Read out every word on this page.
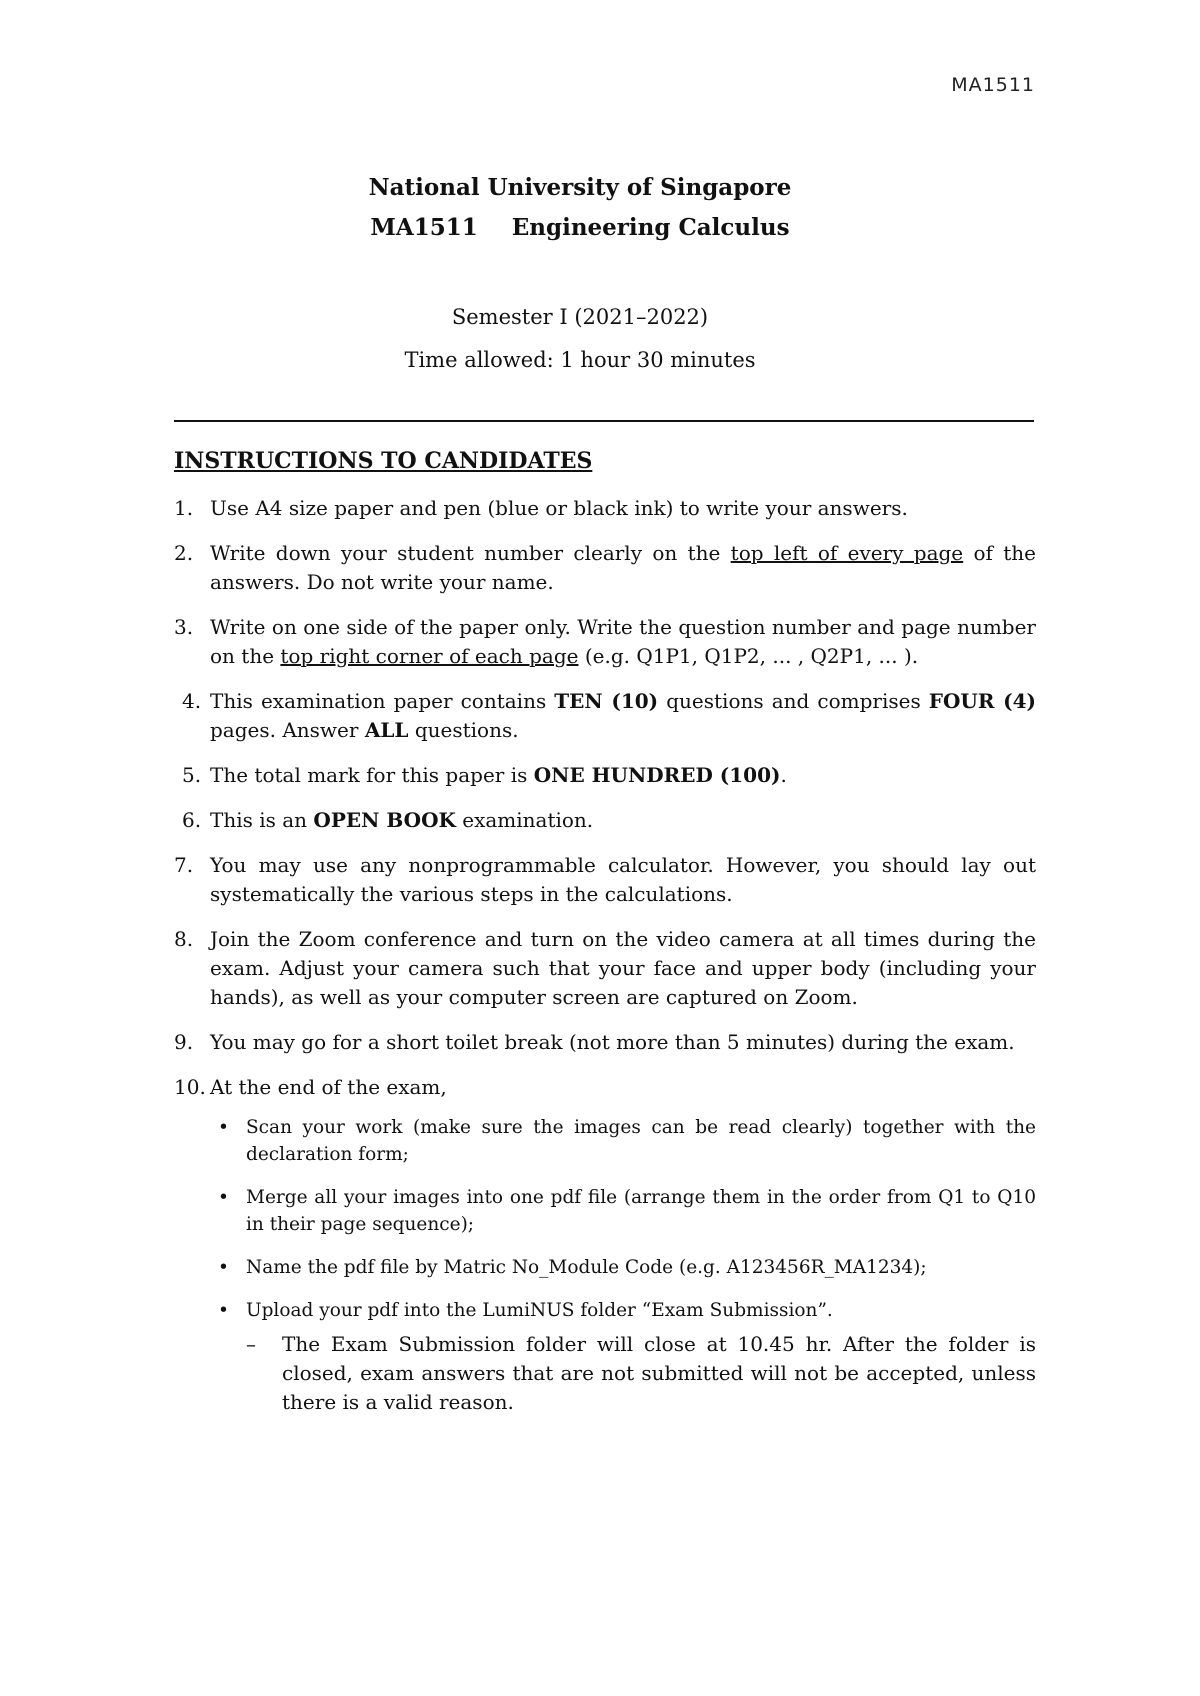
MA1511
National University of Singapore
MA1511 Engineering Calculus
Semester I (2021–2022)
Time allowed: 1 hour 30 minutes
INSTRUCTIONS TO CANDIDATES
1. Use A4 size paper and pen (blue or black ink) to write your answers.
2. Write down your student number clearly on the top left of every page of the answers. Do not write your name.
3. Write on one side of the paper only. Write the question number and page number on the top right corner of each page (e.g. Q1P1, Q1P2, ... , Q2P1, ... ).
4. This examination paper contains TEN (10) questions and comprises FOUR (4) pages. Answer ALL questions.
5. The total mark for this paper is ONE HUNDRED (100).
6. This is an OPEN BOOK examination.
7. You may use any nonprogrammable calculator. However, you should lay out systematically the various steps in the calculations.
8. Join the Zoom conference and turn on the video camera at all times during the exam. Adjust your camera such that your face and upper body (including your hands), as well as your computer screen are captured on Zoom.
9. You may go for a short toilet break (not more than 5 minutes) during the exam.
10. At the end of the exam,
• Scan your work (make sure the images can be read clearly) together with the declaration form;
• Merge all your images into one pdf file (arrange them in the order from Q1 to Q10 in their page sequence);
• Name the pdf file by Matric No_Module Code (e.g. A123456R_MA1234);
• Upload your pdf into the LumiNUS folder “Exam Submission”.
– The Exam Submission folder will close at 10.45 hr. After the folder is closed, exam answers that are not submitted will not be accepted, unless there is a valid reason.
